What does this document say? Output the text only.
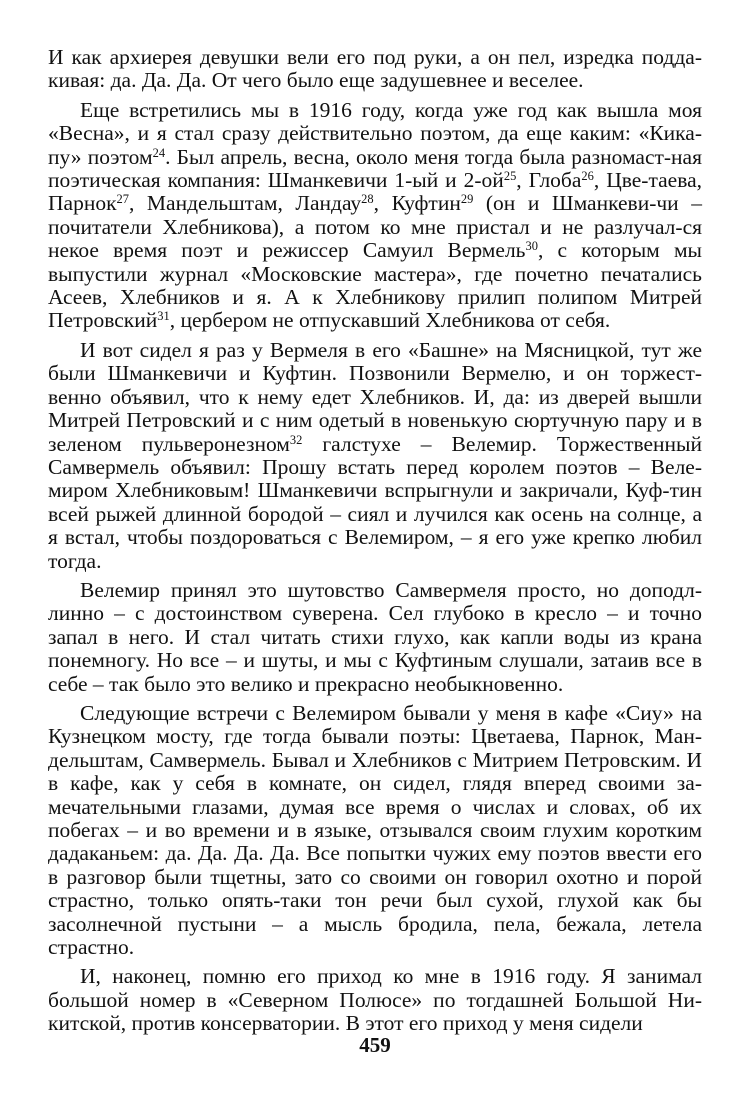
И как архиерея девушки вели его под руки, а он пел, изредка подда-кивая: да. Да. Да. От чего было еще задушевнее и веселее.

Еще встретились мы в 1916 году, когда уже год как вышла моя «Весна», и я стал сразу действительно поэтом, да еще каким: «Кика-пу» поэтом$^{24}$. Был апрель, весна, около меня тогда была разномаст-ная поэтическая компания: Шманкевичи 1-ый и $2-ой^{25}$, Глоба$^{26}$, Цве-таева, Парнок$^{27}$, Мандельштам, Ландау$^{28}$, Куфтин$^{29}$ (он и Шманкеви-чи – почитатели Хлебникова), а потом ко мне пристал и не разлучал-ся некое время поэт и режиссер Самуил Вермель$^{30}$, с которым мы выпустили журнал «Московские мастера», где почетно печатались Асеев, Хлебников и я. А к Хлебникову прилип полипом Митрей Петровский$^{31}$, цербером не отпускавший Хлебникова от себя.

И вот сидел я раз у Вермеля в его «Башне» на Мясницкой, тут же были Шманкевичи и Куфтин. Позвонили Вермелю, и он торжест-венно объявил, что к нему едет Хлебников. И, да: из дверей вышли Митрей Петровский и с ним одетый в новенькую сюртучную пару и в зеленом пульверонезном$^{32}$ галстухе – Велемир. Торжественный Самвермель объявил: Прошу встать перед королем поэтов – Веле-миром Хлебниковым! Шманкевичи вспрыгнули и закричали, Куф-тин всей рыжей длинной бородой – сиял и лучился как осень на солнце, а я встал, чтобы поздороваться с Велемиром, – я его уже крепко любил тогда.

Велемир принял это шутовство Самвермеля просто, но доподл-линно – с достоинством суверена. Сел глубоко в кресло – и точно запал в него. И стал читать стихи глухо, как капли воды из крана понемногу. Но все – и шуты, и мы с Куфтиным слушали, затаив все в себе – так было это велико и прекрасно необыкновенно.

Следующие встречи с Велемиром бывали у меня в кафе «Сиу» на Кузнецком мосту, где тогда бывали поэты: Цветаева, Парнок, Ман-дельштам, Самвермель. Бывал и Хлебников с Митрием Петровским. И в кафе, как у себя в комнате, он сидел, глядя вперед своими за-мечательными глазами, думая все время о числах и словах, об их побегах – и во времени и в языке, отзывался своим глухим коротким дадаканьем: да. Да. Да. Да. Все попытки чужих ему поэтов ввести его в разговор были тщетны, зато со своими он говорил охотно и порой страстно, только опять-таки тон речи был сухой, глухой как бы засолнечной пустыни – а мысль бродила, пела, бежала, летела страстно.

И, наконец, помню его приход ко мне в 1916 году. Я занимал большой номер в «Северном Полюсе» по тогдашней Большой Ни-китской, против консерватории. В этот его приход у меня сидели

459
